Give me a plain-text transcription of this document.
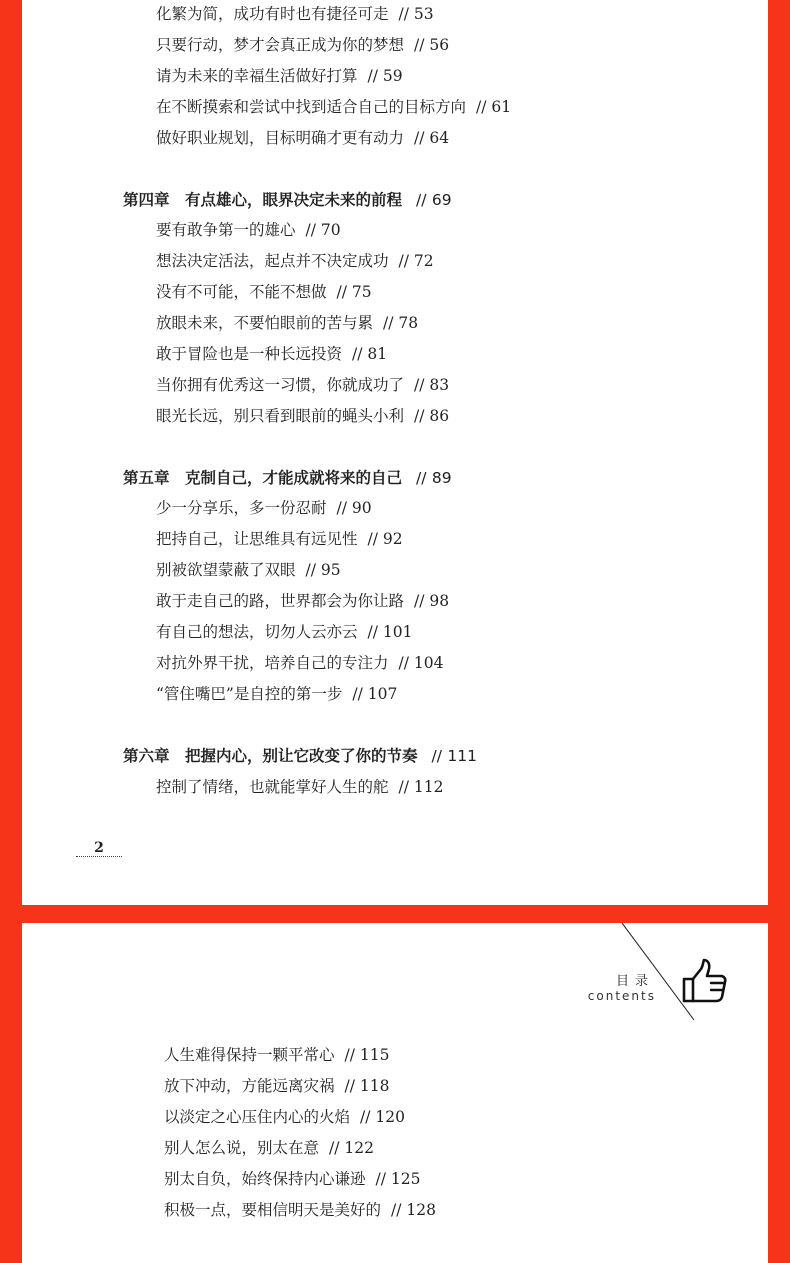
化繁为简，成功有时也有捷径可走 // 53
只要行动，梦才会真正成为你的梦想 // 56
请为未来的幸福生活做好打算 // 59
在不断摸索和尝试中找到适合自己的目标方向 // 61
做好职业规划，目标明确才更有动力 // 64
第四章　有点雄心，眼界决定未来的前程 // 69
要有敢争第一的雄心 // 70
想法决定活法，起点并不决定成功 // 72
没有不可能，不能不想做 // 75
放眼未来，不要怕眼前的苦与累 // 78
敢于冒险也是一种长远投资 // 81
当你拥有优秀这一习惯，你就成功了 // 83
眼光长远，别只看到眼前的蝇头小利 // 86
第五章　克制自己，才能成就将来的自己 // 89
少一分享乐，多一份忍耐 // 90
把持自己，让思维具有远见性 // 92
别被欲望蒙蔽了双眼 // 95
敢于走自己的路，世界都会为你让路 // 98
有自己的想法，切勿人云亦云 // 101
对抗外界干扰，培养自己的专注力 // 104
“管住嘴巴”是自控的第一步 // 107
第六章　把握内心，别让它改变了你的节奏 // 111
控制了情绪，也就能掌好人生的舵 // 112
2
目录
contents
人生难得保持一颗平常心 // 115
放下冲动，方能远离灾祸 // 118
以淡定之心压住内心的火焰 // 120
别人怎么说，别太在意 // 122
别太自负，始终保持内心谦逊 // 125
积极一点，要相信明天是美好的 // 128
